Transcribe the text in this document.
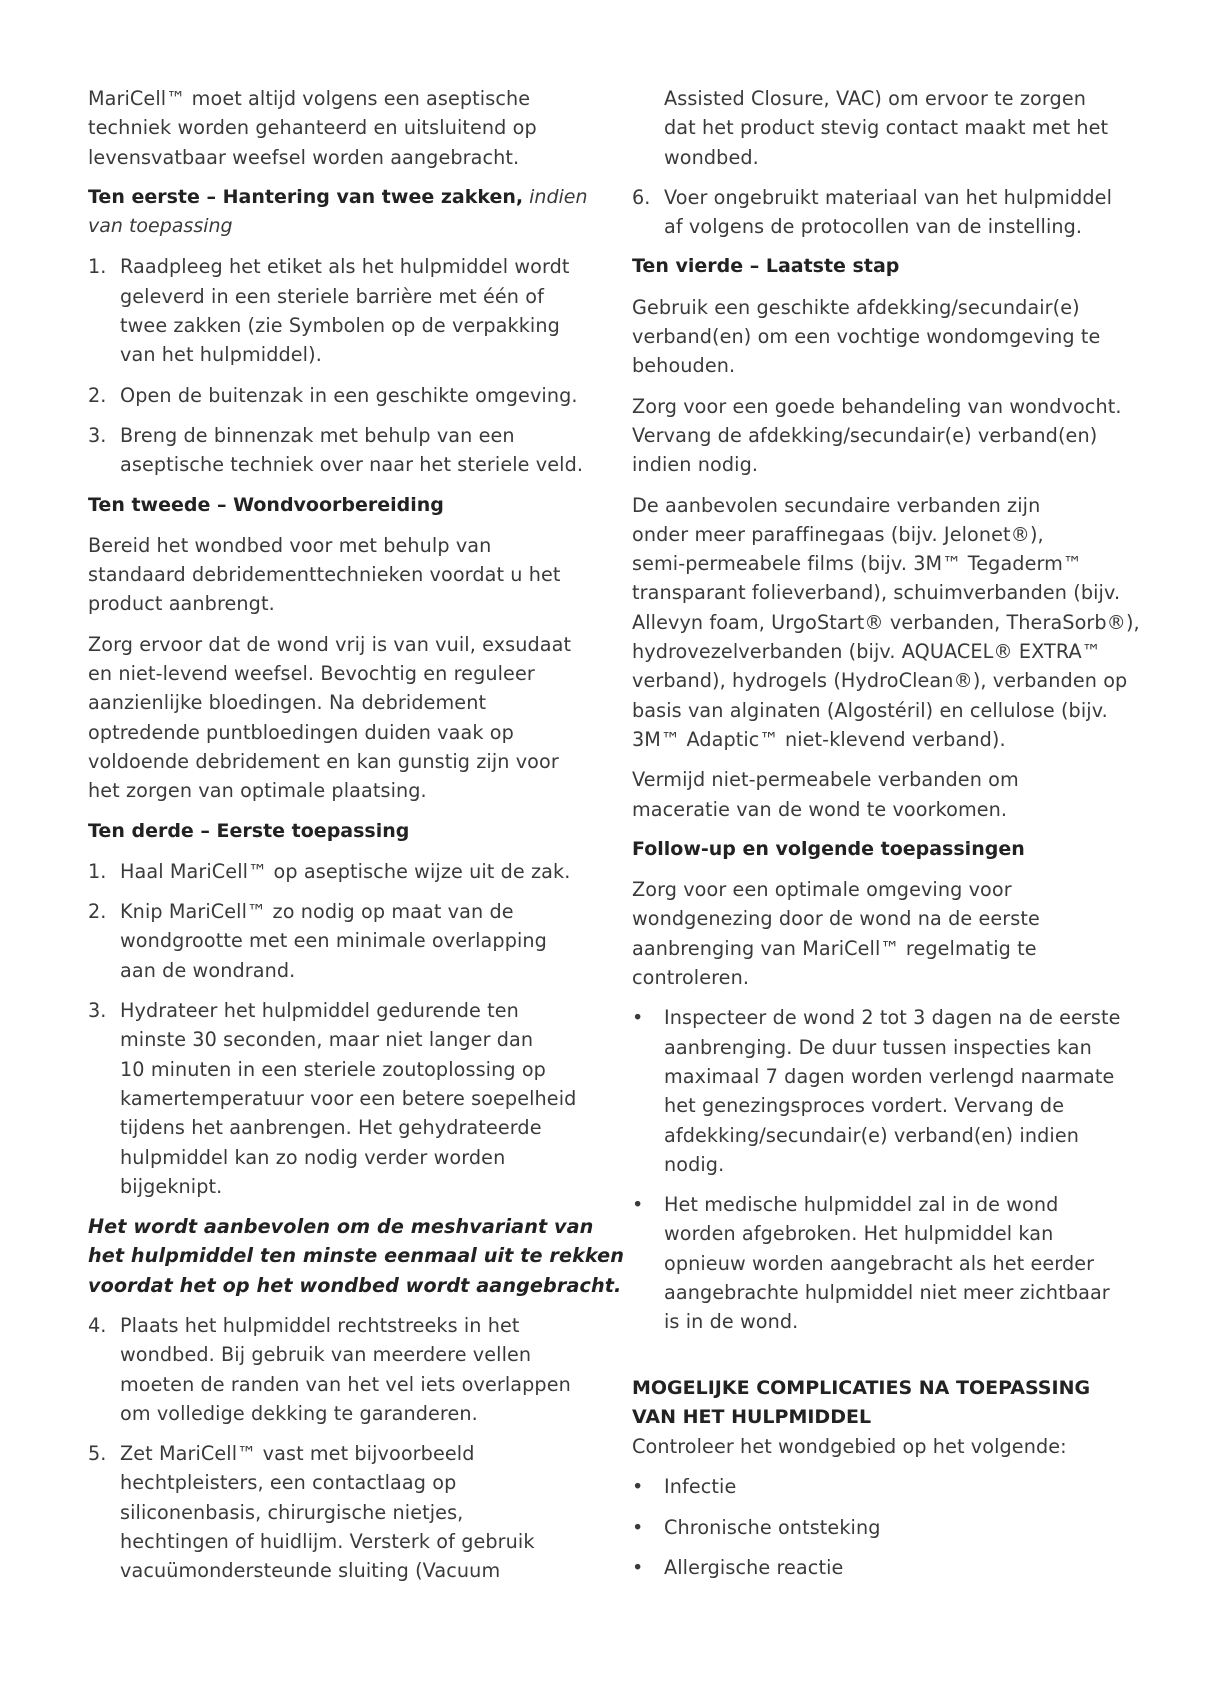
MariCell™ moet altijd volgens een aseptische
techniek worden gehanteerd en uitsluitend op
levensvatbaar weefsel worden aangebracht.
Ten eerste – Hantering van twee zakken, indien
van toepassing
1. Raadpleeg het etiket als het hulpmiddel wordt
geleverd in een steriele barrière met één of
twee zakken (zie Symbolen op de verpakking
van het hulpmiddel).
2. Open de buitenzak in een geschikte omgeving.
3. Breng de binnenzak met behulp van een
aseptische techniek over naar het steriele veld.
Ten tweede – Wondvoorbereiding
Bereid het wondbed voor met behulp van
standaard debridementtechnieken voordat u het
product aanbrengt.
Zorg ervoor dat de wond vrij is van vuil, exsudaat
en niet-levend weefsel. Bevochtig en reguleer
aanzienlijke bloedingen. Na debridement
optredende puntbloedingen duiden vaak op
voldoende debridement en kan gunstig zijn voor
het zorgen van optimale plaatsing.
Ten derde – Eerste toepassing
1. Haal MariCell™ op aseptische wijze uit de zak.
2. Knip MariCell™ zo nodig op maat van de
wondgrootte met een minimale overlapping
aan de wondrand.
3. Hydrateer het hulpmiddel gedurende ten
minste 30 seconden, maar niet langer dan
10 minuten in een steriele zoutoplossing op
kamertemperatuur voor een betere soepelheid
tijdens het aanbrengen. Het gehydrateerde
hulpmiddel kan zo nodig verder worden
bijgeknipt.
Het wordt aanbevolen om de meshvariant van
het hulpmiddel ten minste eenmaal uit te rekken
voordat het op het wondbed wordt aangebracht.
4. Plaats het hulpmiddel rechtstreeks in het
wondbed. Bij gebruik van meerdere vellen
moeten de randen van het vel iets overlappen
om volledige dekking te garanderen.
5. Zet MariCell™ vast met bijvoorbeeld
hechtpleisters, een contactlaag op
siliconenbasis, chirurgische nietjes,
hechtingen of huidlijm. Versterk of gebruik
vacuümondersteunde sluiting (Vacuum
Assisted Closure, VAC) om ervoor te zorgen
dat het product stevig contact maakt met het
wondbed.
6. Voer ongebruikt materiaal van het hulpmiddel
af volgens de protocollen van de instelling.
Ten vierde – Laatste stap
Gebruik een geschikte afdekking/secundair(e)
verband(en) om een vochtige wondomgeving te
behouden.
Zorg voor een goede behandeling van wondvocht.
Vervang de afdekking/secundair(e) verband(en)
indien nodig.
De aanbevolen secundaire verbanden zijn
onder meer paraffinegaas (bijv. Jelonet®),
semi-permeabele films (bijv. 3M™ Tegaderm™
transparant folieverband), schuimverbanden (bijv.
Allevyn foam, UrgoStart® verbanden, TheraSorb®),
hydrovezelverbanden (bijv. AQUACEL® EXTRA™
verband), hydrogels (HydroClean®), verbanden op
basis van alginaten (Algostéril) en cellulose (bijv.
3M™ Adaptic™ niet-klevend verband).
Vermijd niet-permeabele verbanden om
maceratie van de wond te voorkomen.
Follow-up en volgende toepassingen
Zorg voor een optimale omgeving voor
wondgenezing door de wond na de eerste
aanbrenging van MariCell™ regelmatig te
controleren.
• Inspecteer de wond 2 tot 3 dagen na de eerste
aanbrenging. De duur tussen inspecties kan
maximaal 7 dagen worden verlengd naarmate
het genezingsproces vordert. Vervang de
afdekking/secundair(e) verband(en) indien
nodig.
• Het medische hulpmiddel zal in de wond
worden afgebroken. Het hulpmiddel kan
opnieuw worden aangebracht als het eerder
aangebrachte hulpmiddel niet meer zichtbaar
is in de wond.
MOGELIJKE COMPLICATIES NA TOEPASSING
VAN HET HULPMIDDEL
Controleer het wondgebied op het volgende:
• Infectie
• Chronische ontsteking
• Allergische reactie
